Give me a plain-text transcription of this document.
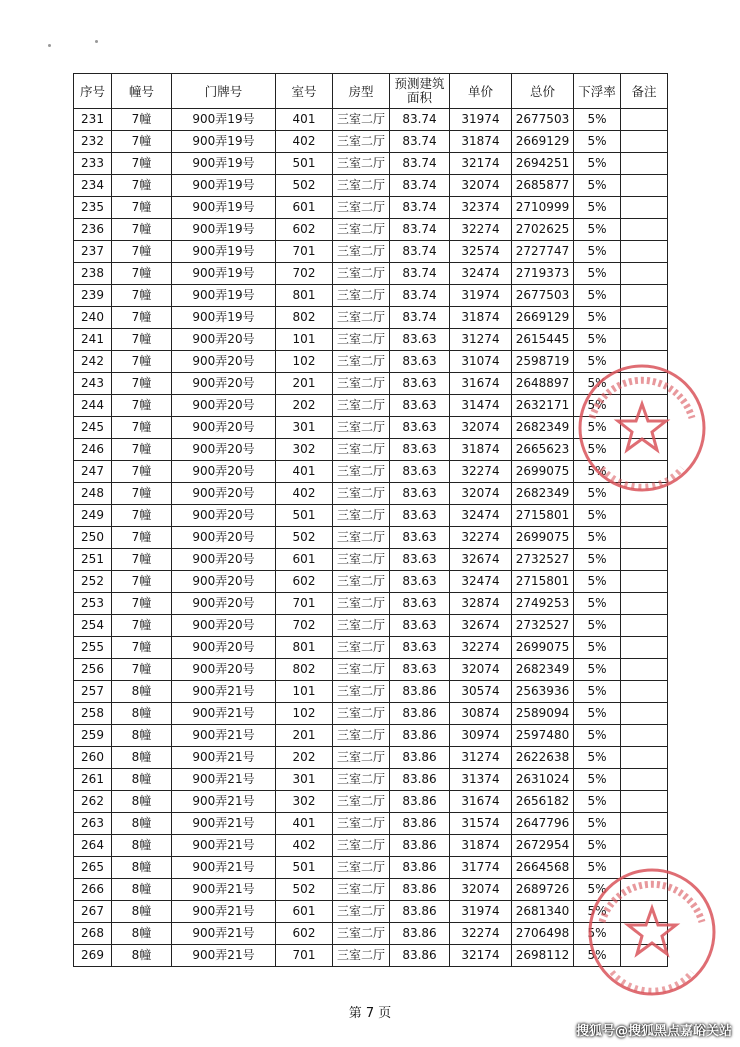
序号	幢号	门牌号	室号	房型	预测建筑面积	单价	总价	下浮率	备注
231	7幢	900弄19号	401	三室二厅	83.74	31974	2677503	5%	
232	7幢	900弄19号	402	三室二厅	83.74	31874	2669129	5%	
233	7幢	900弄19号	501	三室二厅	83.74	32174	2694251	5%	
234	7幢	900弄19号	502	三室二厅	83.74	32074	2685877	5%	
235	7幢	900弄19号	601	三室二厅	83.74	32374	2710999	5%	
236	7幢	900弄19号	602	三室二厅	83.74	32274	2702625	5%	
237	7幢	900弄19号	701	三室二厅	83.74	32574	2727747	5%	
238	7幢	900弄19号	702	三室二厅	83.74	32474	2719373	5%	
239	7幢	900弄19号	801	三室二厅	83.74	31974	2677503	5%	
240	7幢	900弄19号	802	三室二厅	83.74	31874	2669129	5%	
241	7幢	900弄20号	101	三室二厅	83.63	31274	2615445	5%	
242	7幢	900弄20号	102	三室二厅	83.63	31074	2598719	5%	
243	7幢	900弄20号	201	三室二厅	83.63	31674	2648897	5%	
244	7幢	900弄20号	202	三室二厅	83.63	31474	2632171	5%	
245	7幢	900弄20号	301	三室二厅	83.63	32074	2682349	5%	
246	7幢	900弄20号	302	三室二厅	83.63	31874	2665623	5%	
247	7幢	900弄20号	401	三室二厅	83.63	32274	2699075	5%	
248	7幢	900弄20号	402	三室二厅	83.63	32074	2682349	5%	
249	7幢	900弄20号	501	三室二厅	83.63	32474	2715801	5%	
250	7幢	900弄20号	502	三室二厅	83.63	32274	2699075	5%	
251	7幢	900弄20号	601	三室二厅	83.63	32674	2732527	5%	
252	7幢	900弄20号	602	三室二厅	83.63	32474	2715801	5%	
253	7幢	900弄20号	701	三室二厅	83.63	32874	2749253	5%	
254	7幢	900弄20号	702	三室二厅	83.63	32674	2732527	5%	
255	7幢	900弄20号	801	三室二厅	83.63	32274	2699075	5%	
256	7幢	900弄20号	802	三室二厅	83.63	32074	2682349	5%	
257	8幢	900弄21号	101	三室二厅	83.86	30574	2563936	5%	
258	8幢	900弄21号	102	三室二厅	83.86	30874	2589094	5%	
259	8幢	900弄21号	201	三室二厅	83.86	30974	2597480	5%	
260	8幢	900弄21号	202	三室二厅	83.86	31274	2622638	5%	
261	8幢	900弄21号	301	三室二厅	83.86	31374	2631024	5%	
262	8幢	900弄21号	302	三室二厅	83.86	31674	2656182	5%	
263	8幢	900弄21号	401	三室二厅	83.86	31574	2647796	5%	
264	8幢	900弄21号	402	三室二厅	83.86	31874	2672954	5%	
265	8幢	900弄21号	501	三室二厅	83.86	31774	2664568	5%	
266	8幢	900弄21号	502	三室二厅	83.86	32074	2689726	5%	
267	8幢	900弄21号	601	三室二厅	83.86	31974	2681340	5%	
268	8幢	900弄21号	602	三室二厅	83.86	32274	2706498	5%	
269	8幢	900弄21号	701	三室二厅	83.86	32174	2698112	5%	
第 7 页
搜狐号@搜狐黑点嘉峪关站
